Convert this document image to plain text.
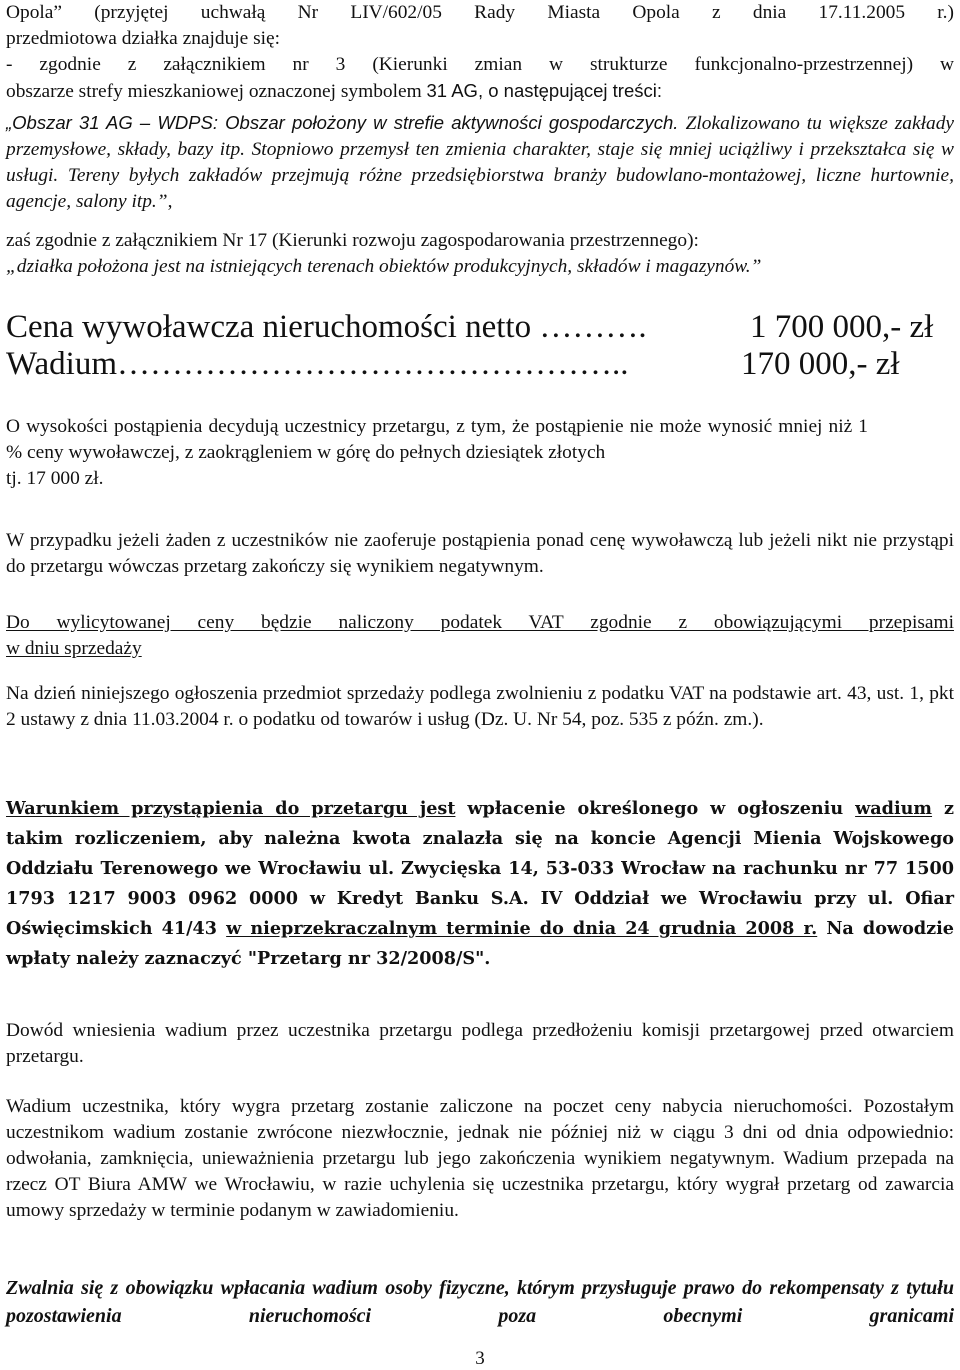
Opola” (przyjętej uchwałą Nr LIV/602/05 Rady Miasta Opola z dnia 17.11.2005 r.)

przedmiotowa działka znajduje się:

- zgodnie z załącznikiem nr 3 (Kierunki zmian w strukturze funkcjonalno-przestrzennej) w

obszarze strefy mieszkaniowej oznaczonej symbolem 31 AG, o następującej treści:

„Obszar 31 AG – WDPS: Obszar położony w strefie aktywności gospodarczych. Zlokalizowano tu większe zakłady przemysłowe, składy, bazy itp. Stopniowo przemysł ten zmienia charakter, staje się mniej uciążliwy i przekształca się w usługi. Tereny byłych zakładów przejmują różne przedsiębiorstwa branży budowlano-montażowej, liczne hurtownie, agencje, salony itp.”,

zaś zgodnie z załącznikiem Nr 17 (Kierunki rozwoju zagospodarowania przestrzennego):

„działka położona jest na istniejących terenach obiektów produkcyjnych, składów i magazynów.”

Cena wywoławcza nieruchomości netto ……….	1 700 000,- zł
Wadium………………………………………..	170 000,- zł

O wysokości postąpienia decydują uczestnicy przetargu, z tym, że postąpienie nie może wynosić mniej niż 1 % ceny wywoławczej, z zaokrągleniem w górę do pełnych dziesiątek złotych

tj. 17 000 zł.

W przypadku jeżeli żaden z uczestników nie zaoferuje postąpienia ponad cenę wywoławczą lub jeżeli nikt nie przystąpi do przetargu wówczas przetarg zakończy się wynikiem negatywnym.

Do wylicytowanej ceny będzie naliczony podatek VAT zgodnie z obowiązującymi przepisami

w dniu sprzedaży

Na dzień niniejszego ogłoszenia przedmiot sprzedaży podlega zwolnieniu z podatku VAT na podstawie art. 43, ust. 1, pkt 2 ustawy z dnia 11.03.2004 r. o podatku od towarów i usług (Dz. U. Nr 54, poz. 535 z późn. zm.).

Warunkiem przystąpienia do przetargu jest wpłacenie określonego w ogłoszeniu wadium z takim rozliczeniem, aby należna kwota znalazła się na koncie Agencji Mienia Wojskowego Oddziału Terenowego we Wrocławiu ul. Zwycięska 14, 53-033 Wrocław na rachunku nr 77 1500 1793 1217 9003 0962 0000 w Kredyt Banku S.A. IV Oddział we Wrocławiu przy ul. Ofiar Oświęcimskich 41/43 w nieprzekraczalnym terminie do dnia 24 grudnia 2008 r. Na dowodzie wpłaty należy zaznaczyć "Przetarg nr 32/2008/S".

Dowód wniesienia wadium przez uczestnika przetargu podlega przedłożeniu komisji przetargowej przed otwarciem przetargu.

Wadium uczestnika, który wygra przetarg zostanie zaliczone na poczet ceny nabycia nieruchomości. Pozostałym uczestnikom wadium zostanie zwrócone niezwłocznie, jednak nie później niż w ciągu 3 dni od dnia odpowiednio: odwołania, zamknięcia, unieważnienia przetargu lub jego zakończenia wynikiem negatywnym. Wadium przepada na rzecz OT Biura AMW we Wrocławiu, w razie uchylenia się uczestnika przetargu, który wygrał przetarg od zawarcia umowy sprzedaży w terminie podanym w zawiadomieniu.

Zwalnia się z obowiązku wpłacania wadium osoby fizyczne, którym przysługuje prawo do rekompensaty z tytułu pozostawienia nieruchomości poza obecnymi granicami

3
